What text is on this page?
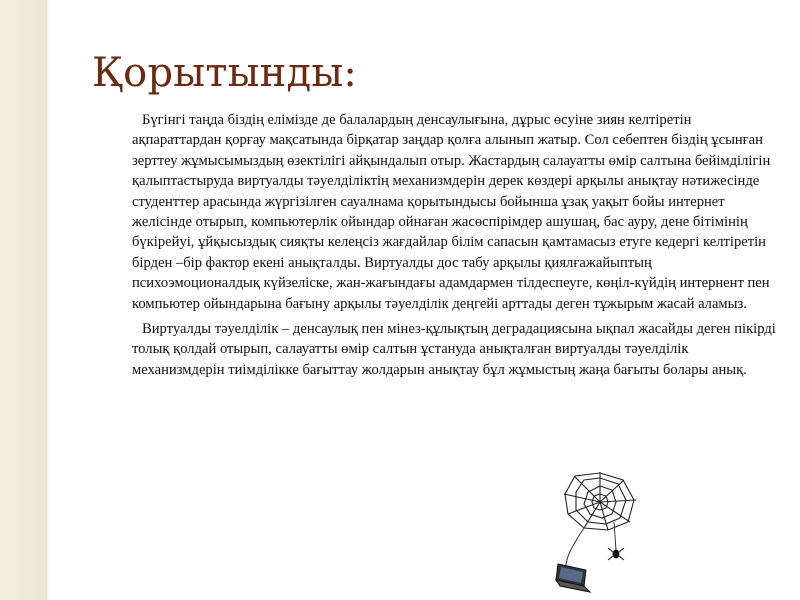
Қорытынды:

Бүгінгі таңда біздің елімізде де балалардың денсаулығына, дұрыс өсуіне зиян келтіретін ақпараттардан қорғау мақсатында бірқатар заңдар қолға алынып жатыр. Сол себептен біздің ұсынған зерттеу жұмысымыздың өзектілігі айқындалып отыр. Жастардың салауатты өмір салтына бейімділігін қалыптастыруда виртуалды тәуелділіктің механизмдерін дерек көздері арқылы анықтау нәтижесінде студенттер арасында жүргізілген сауалнама қорытындысы бойынша ұзақ уақыт бойы интернет желісінде отырып, компьютерлік ойындар ойнаған жасөспірімдер ашушаң, бас ауру, дене бітімінің бүкірейуі, ұйқысыздық сияқты келеңсіз жағдайлар білім сапасын қамтамасыз етуге кедергі келтіретін бірден –бір фактор екені анықталды. Виртуалды дос табу арқылы қиялғажайыптың психоэмоционалдық күйзеліске, жан-жағындағы адамдармен тілдеспеуге, көңіл-күйдің интернент пен компьютер ойындарына бағыну арқылы тәуелділік деңгейі арттады деген тұжырым жасай аламыз.

Виртуалды тәуелділік – денсаулық пен мінез-құлықтың деградациясына ықпал жасайды деген пікірді толық қолдай отырып, салауатты өмір салтын ұстануда анықталған виртуалды тәуелділік механизмдерін тиімділікке бағыттау жолдарын анықтау бұл жұмыстың жаңа бағыты болары анық.
